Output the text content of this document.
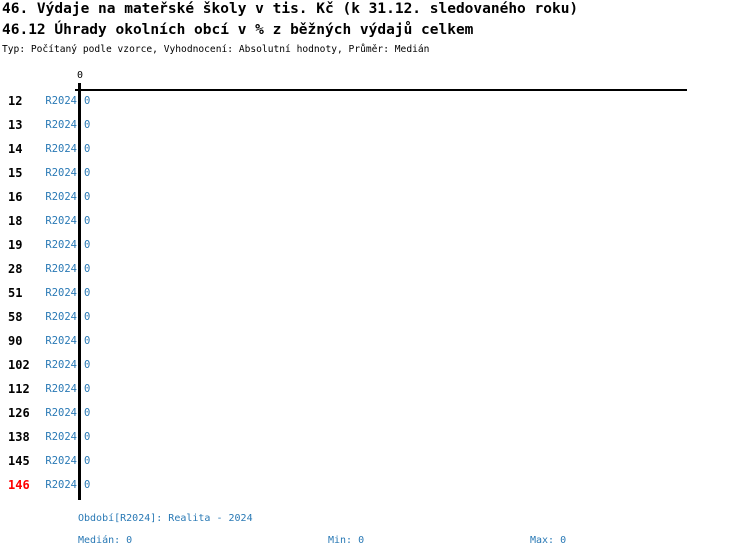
46. Výdaje na mateřské školy v tis. Kč (k 31.12. sledovaného roku)
46.12 Úhrady okolních obcí v % z běžných výdajů celkem
Typ: Počítaný podle vzorce, Vyhodnocení: Absolutní hodnoty, Průměr: Medián
0
12	R2024 0
13	R2024 0
14	R2024 0
15	R2024 0
16	R2024 0
18	R2024 0
19	R2024 0
28	R2024 0
51	R2024 0
58	R2024 0
90	R2024 0
102	R2024 0
112	R2024 0
126	R2024 0
138	R2024 0
145	R2024 0
146	R2024 0
Období[R2024]: Realita - 2024
Medián: 0	Min: 0	Max: 0
